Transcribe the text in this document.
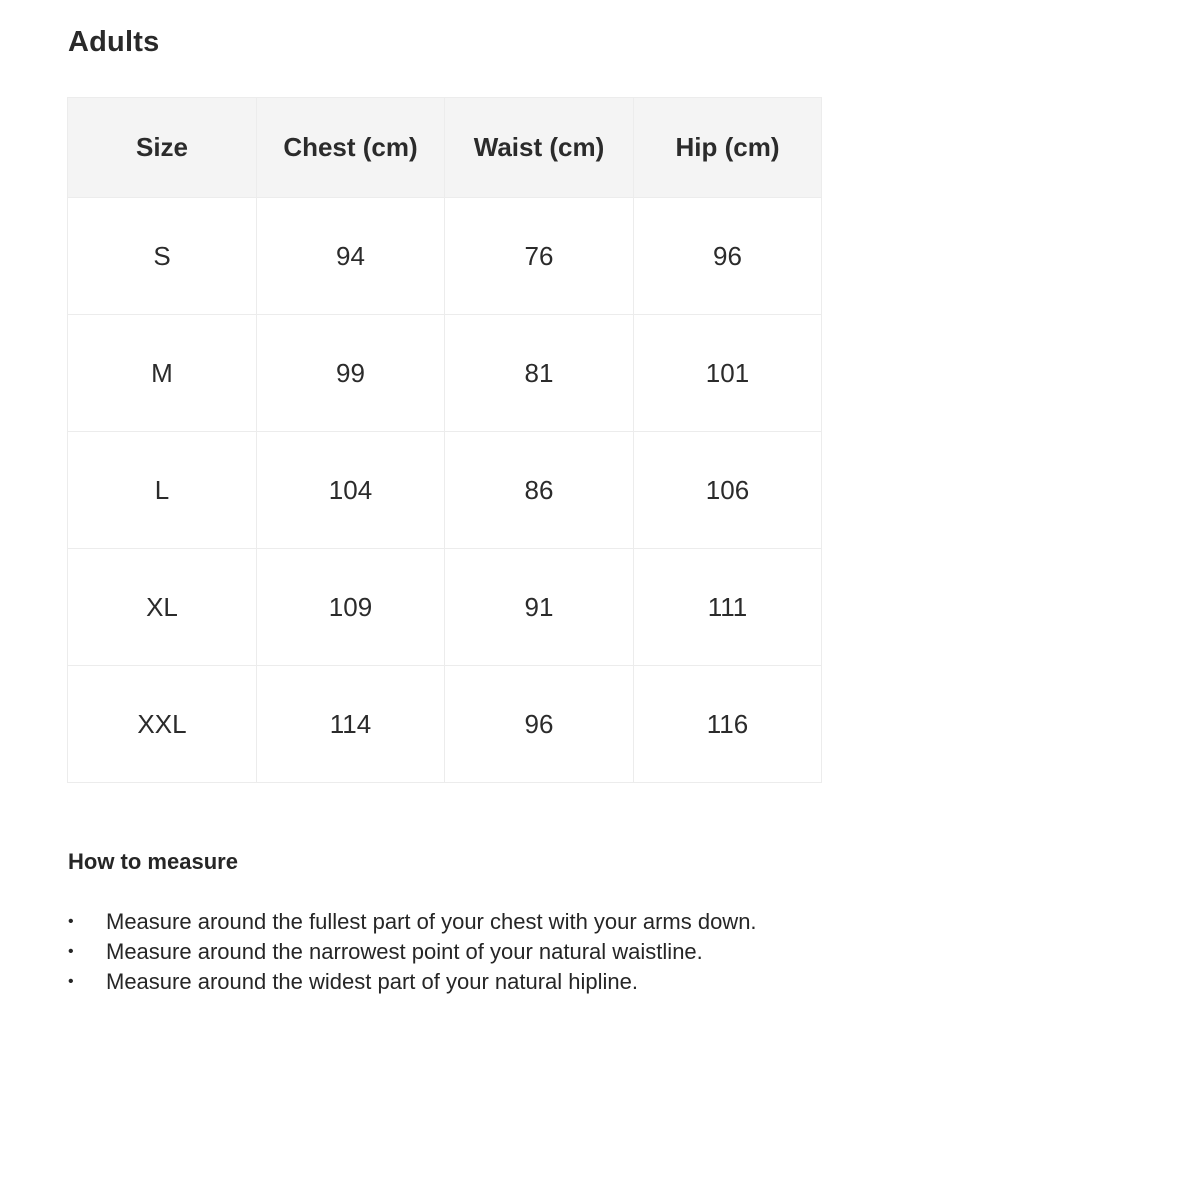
Adults
Size	Chest (cm)	Waist (cm)	Hip (cm)
S	94	76	96
M	99	81	101
L	104	86	106
XL	109	91	111
XXL	114	96	116
How to measure
• Measure around the fullest part of your chest with your arms down.
• Measure around the narrowest point of your natural waistline.
• Measure around the widest part of your natural hipline.
